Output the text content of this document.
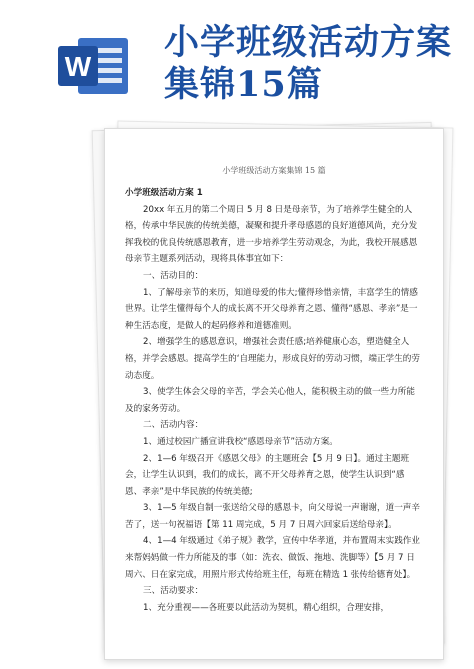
W
小学班级活动方案
集锦15篇
小学班级活动方案集锦 15 篇

小学班级活动方案 1

20xx 年五月的第二个周日 5 月 8 日是母亲节，为了培养学生健全的人格，传承中华民族的传统美德，凝聚和提升孝母感恩的良好道德风尚，充分发挥我校的优良传统感恩教育，进一步培养学生劳动观念，为此，我校开展感恩母亲节主题系列活动，现将具体事宜如下：

一、活动目的：

1、了解母亲节的来历，知道母爱的伟大;懂得珍惜亲情，丰富学生的情感世界。让学生懂得每个人的成长离不开父母养育之恩、懂得“感恩、孝亲”是一种生活态度，是做人的起码修养和道德准则。

2、增强学生的感恩意识，增强社会责任感;培养健康心态，塑造健全人格，并学会感恩。提高学生的‘自理能力，形成良好的劳动习惯，端正学生的劳动态度。

3、使学生体会父母的辛苦，学会关心他人，能积极主动的做一些力所能及的家务劳动。

二、活动内容：

1、通过校园广播宣讲我校“感恩母亲节”活动方案。

2、1—6 年级召开《感恩父母》的主题班会【5 月 9 日】。通过主题班会，让学生认识到，我们的成长，离不开父母养育之恩，使学生认识到“感恩、孝亲”是中华民族的传统美德;

3、1—5 年级自制一张送给父母的感恩卡，向父母说一声谢谢，道一声辛苦了，送一句祝福语【第 11 周完成，5 月 7 日周六回家后送给母亲】。

4、1—4 年级通过《弟子规》教学，宣传中华孝道，并布置周末实践作业来帮妈妈做一件力所能及的事（如：洗衣、做饭、拖地、洗脚等）【5 月 7 日周六、日在家完成，用照片形式传给班主任，每班在精选 1 张传给德育处】。

三、活动要求：

1、充分重视——各班要以此活动为契机，精心组织，合理安排，
